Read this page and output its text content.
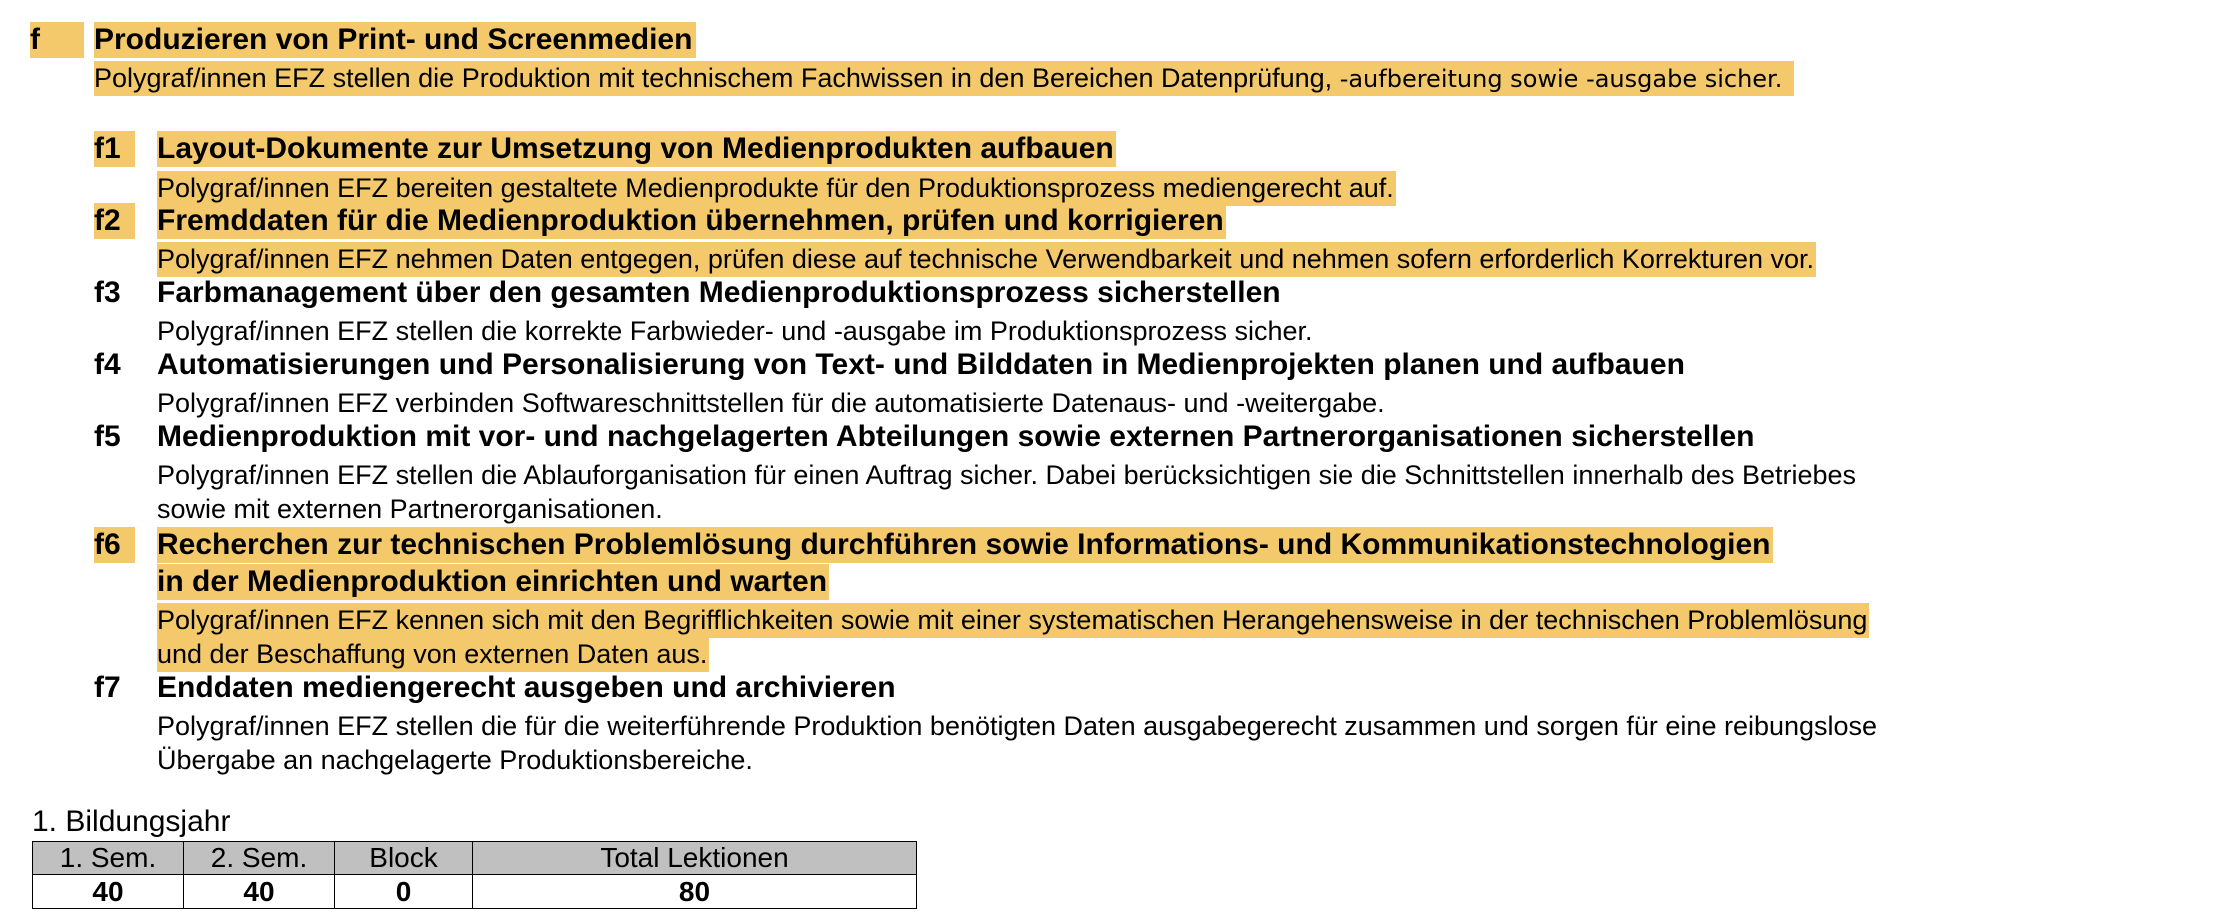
f	Produzieren von Print- und Screenmedien
Polygraf/innen EFZ stellen die Produktion mit technischem Fachwissen in den Bereichen Datenprüfung, -aufbereitung sowie -ausgabe sicher.
f1	Layout-Dokumente zur Umsetzung von Medienprodukten aufbauen
Polygraf/innen EFZ bereiten gestaltete Medienprodukte für den Produktionsprozess mediengerecht auf.
f2	Fremddaten für die Medienproduktion übernehmen, prüfen und korrigieren
Polygraf/innen EFZ nehmen Daten entgegen, prüfen diese auf technische Verwendbarkeit und nehmen sofern erforderlich Korrekturen vor.
f3	Farbmanagement über den gesamten Medienproduktionsprozess sicherstellen
Polygraf/innen EFZ stellen die korrekte Farbwieder- und -ausgabe im Produktionsprozess sicher.
f4	Automatisierungen und Personalisierung von Text- und Bilddaten in Medienprojekten planen und aufbauen
Polygraf/innen EFZ verbinden Softwareschnittstellen für die automatisierte Datenaus- und -weitergabe.
f5	Medienproduktion mit vor- und nachgelagerten Abteilungen sowie externen Partnerorganisationen sicherstellen
Polygraf/innen EFZ stellen die Ablauforganisation für einen Auftrag sicher. Dabei berücksichtigen sie die Schnittstellen innerhalb des Betriebes
sowie mit externen Partnerorganisationen.
f6	Recherchen zur technischen Problemlösung durchführen sowie Informations- und Kommunikationstechnologien
in der Medienproduktion einrichten und warten
Polygraf/innen EFZ kennen sich mit den Begrifflichkeiten sowie mit einer systematischen Herangehensweise in der technischen Problemlösung
und der Beschaffung von externen Daten aus.
f7	Enddaten mediengerecht ausgeben und archivieren
Polygraf/innen EFZ stellen die für die weiterführende Produktion benötigten Daten ausgabegerecht zusammen und sorgen für eine reibungslose
Übergabe an nachgelagerte Produktionsbereiche.
1. Bildungsjahr
1. Sem.	2. Sem.	Block	Total Lektionen
40	40	0	80
